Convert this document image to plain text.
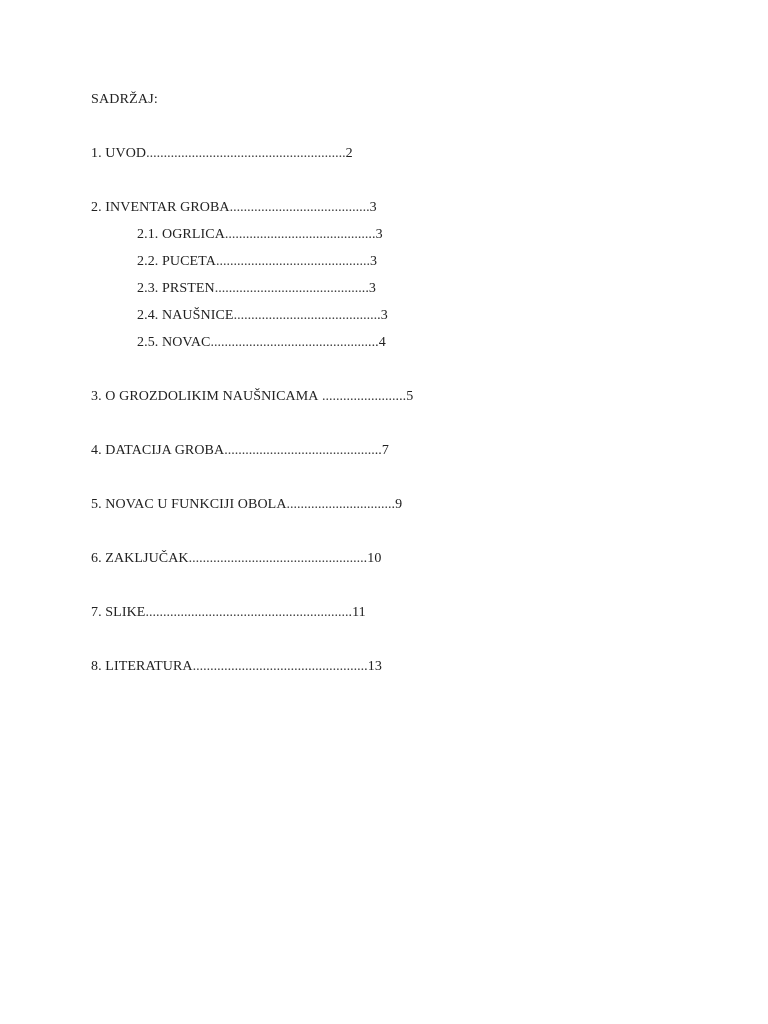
SADRŽAJ:
1. UVOD.........................................................2
2. INVENTAR GROBA........................................3
2.1. OGRLICA...........................................3
2.2. PUCETA............................................3
2.3. PRSTEN............................................3
2.4. NAUŠNICE..........................................3
2.5. NOVAC................................................4
3. O GROZDOLIKIM NAUŠNICAMA ........................5
4. DATACIJA GROBA.............................................7
5. NOVAC U FUNKCIJI OBOLA...............................9
6. ZAKLJUČAK...................................................10
7. SLIKE...........................................................11
8. LITERATURA..................................................13
